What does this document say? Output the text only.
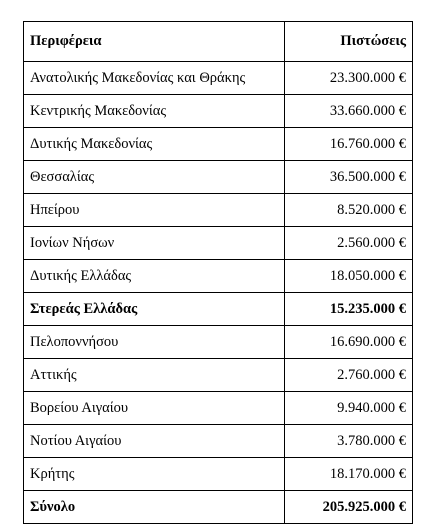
Περιφέρεια	Πιστώσεις
Ανατολικής Μακεδονίας και Θράκης	23.300.000 €
Κεντρικής Μακεδονίας	33.660.000 €
Δυτικής Μακεδονίας	16.760.000 €
Θεσσαλίας	36.500.000 €
Ηπείρου	8.520.000 €
Ιονίων Νήσων	2.560.000 €
Δυτικής Ελλάδας	18.050.000 €
Στερεάς Ελλάδας	15.235.000 €
Πελοποννήσου	16.690.000 €
Αττικής	2.760.000 €
Βορείου Αιγαίου	9.940.000 €
Νοτίου Αιγαίου	3.780.000 €
Κρήτης	18.170.000 €
Σύνολο	205.925.000 €
